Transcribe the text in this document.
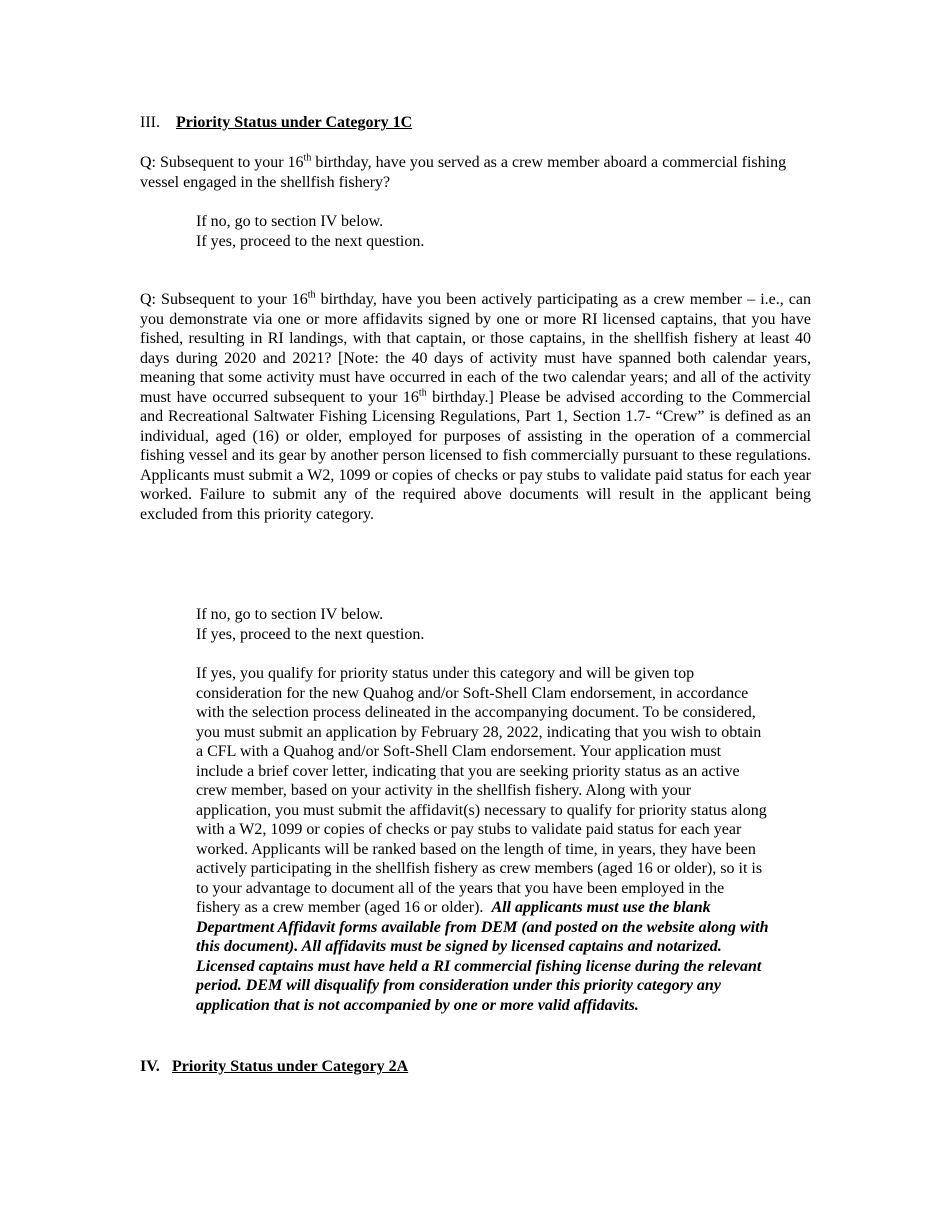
III. Priority Status under Category 1C
Q: Subsequent to your 16th birthday, have you served as a crew member aboard a commercial fishing vessel engaged in the shellfish fishery?
If no, go to section IV below.
If yes, proceed to the next question.
Q: Subsequent to your 16th birthday, have you been actively participating as a crew member – i.e., can you demonstrate via one or more affidavits signed by one or more RI licensed captains, that you have fished, resulting in RI landings, with that captain, or those captains, in the shellfish fishery at least 40 days during 2020 and 2021? [Note: the 40 days of activity must have spanned both calendar years, meaning that some activity must have occurred in each of the two calendar years; and all of the activity must have occurred subsequent to your 16th birthday.] Please be advised according to the Commercial and Recreational Saltwater Fishing Licensing Regulations, Part 1, Section 1.7- “Crew” is defined as an individual, aged (16) or older, employed for purposes of assisting in the operation of a commercial fishing vessel and its gear by another person licensed to fish commercially pursuant to these regulations. Applicants must submit a W2, 1099 or copies of checks or pay stubs to validate paid status for each year worked. Failure to submit any of the required above documents will result in the applicant being excluded from this priority category.
If no, go to section IV below.
If yes, proceed to the next question.
If yes, you qualify for priority status under this category and will be given top
consideration for the new Quahog and/or Soft-Shell Clam endorsement, in accordance
with the selection process delineated in the accompanying document. To be considered,
you must submit an application by February 28, 2022, indicating that you wish to obtain
a CFL with a Quahog and/or Soft-Shell Clam endorsement. Your application must
include a brief cover letter, indicating that you are seeking priority status as an active
crew member, based on your activity in the shellfish fishery. Along with your
application, you must submit the affidavit(s) necessary to qualify for priority status along
with a W2, 1099 or copies of checks or pay stubs to validate paid status for each year
worked. Applicants will be ranked based on the length of time, in years, they have been
actively participating in the shellfish fishery as crew members (aged 16 or older), so it is
to your advantage to document all of the years that you have been employed in the
fishery as a crew member (aged 16 or older).  All applicants must use the blank
Department Affidavit forms available from DEM (and posted on the website along with
this document). All affidavits must be signed by licensed captains and notarized.
Licensed captains must have held a RI commercial fishing license during the relevant
period. DEM will disqualify from consideration under this priority category any
application that is not accompanied by one or more valid affidavits.
IV. Priority Status under Category 2A
